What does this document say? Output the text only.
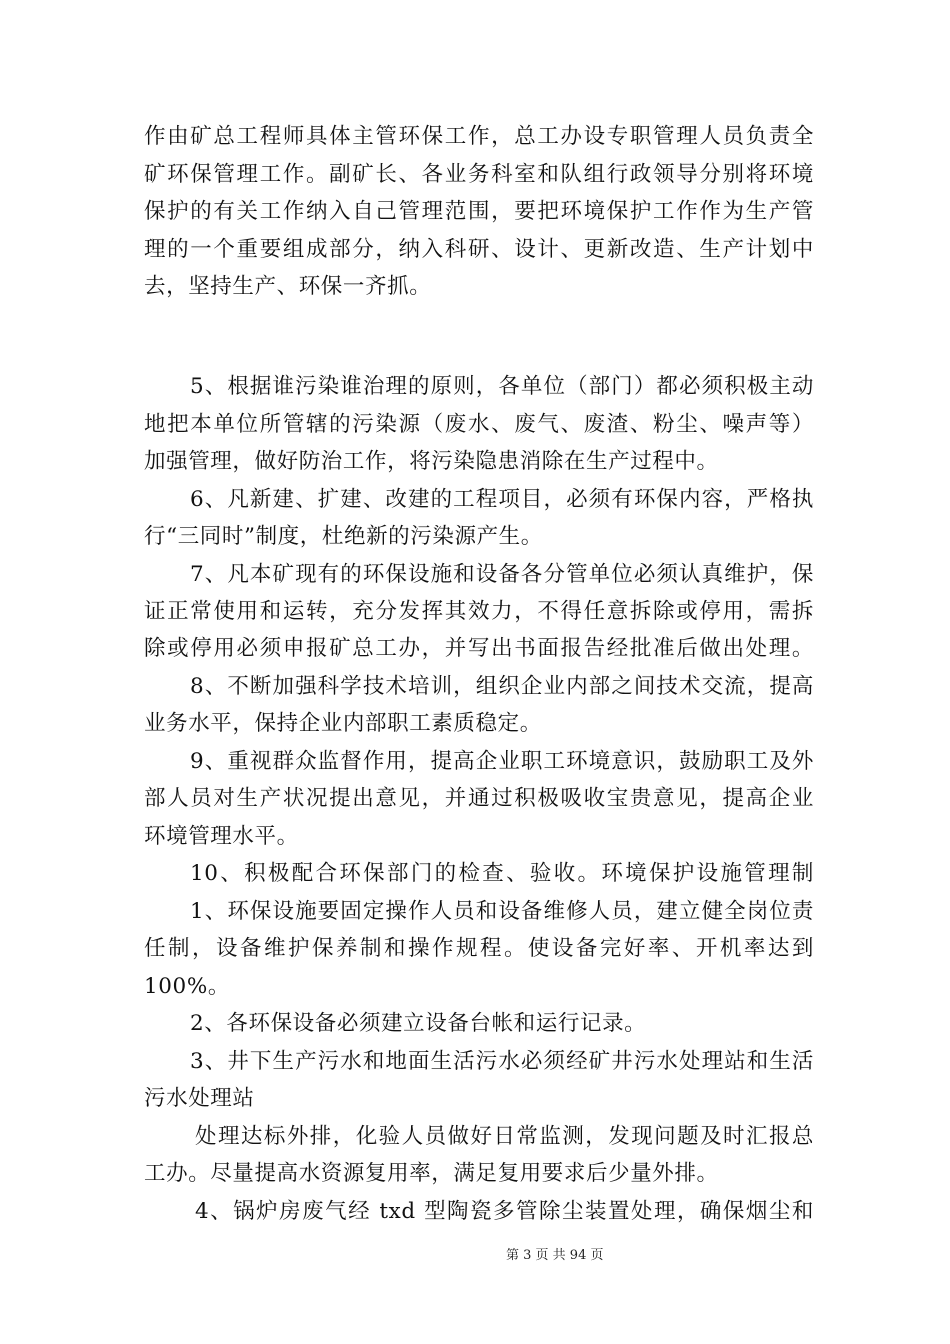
作由矿总工程师具体主管环保工作，总工办设专职管理人员负责全
矿环保管理工作。副矿长、各业务科室和队组行政领导分别将环境
保护的有关工作纳入自己管理范围，要把环境保护工作作为生产管
理的一个重要组成部分，纳入科研、设计、更新改造、生产计划中
去，坚持生产、环保一齐抓。
5、根据谁污染谁治理的原则，各单位（部门）都必须积极主动
地把本单位所管辖的污染源（废水、废气、废渣、粉尘、噪声等）
加强管理，做好防治工作，将污染隐患消除在生产过程中。
6、凡新建、扩建、改建的工程项目，必须有环保内容，严格执
行“三同时”制度，杜绝新的污染源产生。
7、凡本矿现有的环保设施和设备各分管单位必须认真维护，保
证正常使用和运转，充分发挥其效力，不得任意拆除或停用，需拆
除或停用必须申报矿总工办，并写出书面报告经批准后做出处理。
8、不断加强科学技术培训，组织企业内部之间技术交流，提高
业务水平，保持企业内部职工素质稳定。
9、重视群众监督作用，提高企业职工环境意识，鼓励职工及外
部人员对生产状况提出意见，并通过积极吸收宝贵意见，提高企业
环境管理水平。
10、积极配合环保部门的检查、验收。环境保护设施管理制
1、环保设施要固定操作人员和设备维修人员，建立健全岗位责
任制，设备维护保养制和操作规程。使设备完好率、开机率达到
100%。
2、各环保设备必须建立设备台帐和运行记录。
3、井下生产污水和地面生活污水必须经矿井污水处理站和生活
污水处理站
处理达标外排，化验人员做好日常监测，发现问题及时汇报总
工办。尽量提高水资源复用率，满足复用要求后少量外排。
4、锅炉房废气经 txd 型陶瓷多管除尘装置处理，确保烟尘和
第 3 页 共 94 页
